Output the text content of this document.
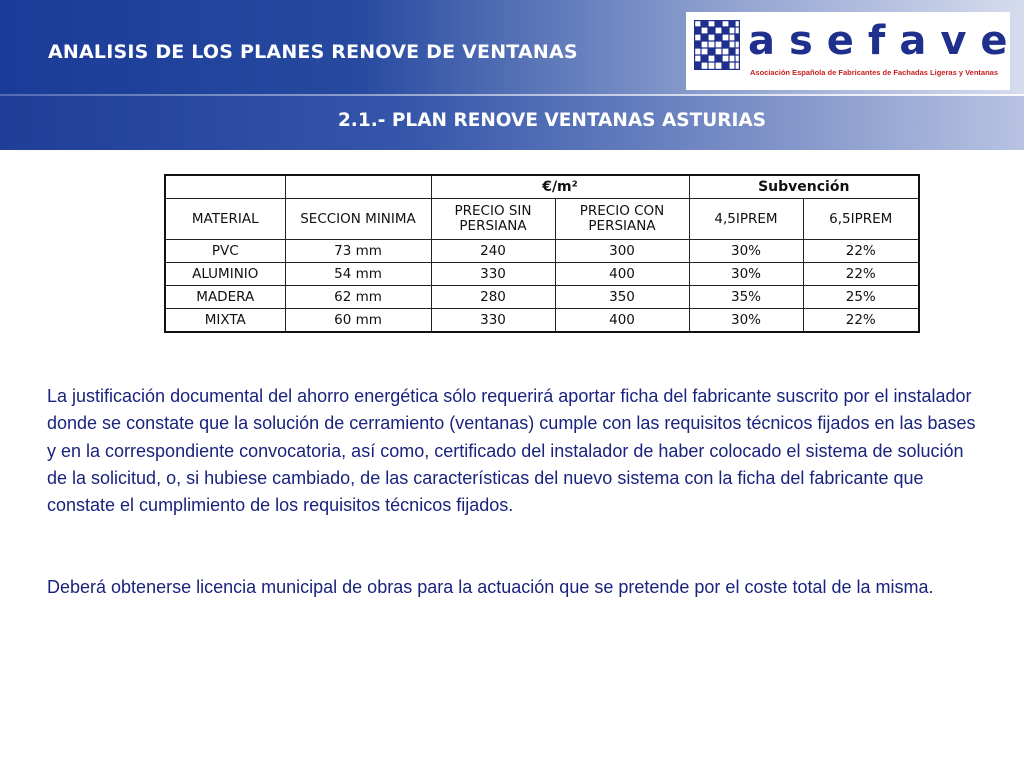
ANALISIS DE LOS PLANES RENOVE DE VENTANAS
2.1.- PLAN RENOVE VENTANAS ASTURIAS
asefave
Asociación Española de Fabricantes de Fachadas Ligeras y Ventanas
		€/m²		Subvención	
MATERIAL	SECCION MINIMA	PRECIO SIN PERSIANA	PRECIO CON PERSIANA	4,5IPREM	6,5IPREM
PVC	73 mm	240	300	30%	22%
ALUMINIO	54 mm	330	400	30%	22%
MADERA	62 mm	280	350	35%	25%
MIXTA	60 mm	330	400	30%	22%

La justificación documental del ahorro energética sólo requerirá aportar ficha del fabricante suscrito por el instalador donde se constate que la solución de cerramiento (ventanas) cumple con las requisitos técnicos fijados en las bases y en la correspondiente convocatoria, así como, certificado del instalador de haber colocado el sistema de solución de la solicitud, o, si hubiese cambiado, de las características del nuevo sistema con la ficha del fabricante que constate el cumplimiento de los requisitos técnicos fijados.

Deberá obtenerse licencia municipal de obras para la actuación que se pretende por el coste total de la misma.
